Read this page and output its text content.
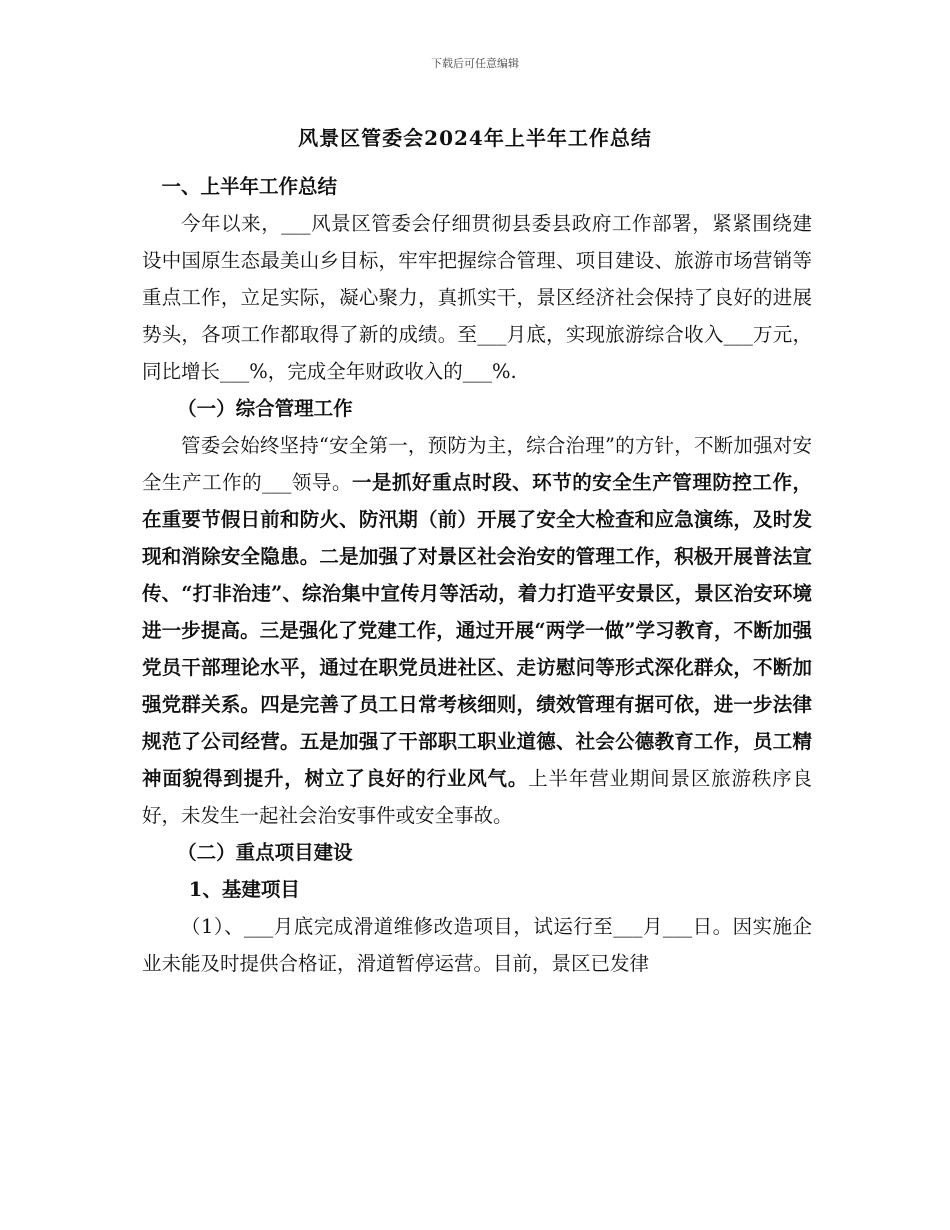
下载后可任意编辑
风景区管委会2024年上半年工作总结

一、上半年工作总结

今年以来，___风景区管委会仔细贯彻县委县政府工作部署，紧紧围绕建设中国原生态最美山乡目标，牢牢把握综合管理、项目建设、旅游市场营销等重点工作，立足实际，凝心聚力，真抓实干，景区经济社会保持了良好的进展势头，各项工作都取得了新的成绩。至___月底，实现旅游综合收入___万元，同比增长___%，完成全年财政收入的___%.

（一）综合管理工作

管委会始终坚持“安全第一，预防为主，综合治理”的方针，不断加强对安全生产工作的___领导。一是抓好重点时段、环节的安全生产管理防控工作，在重要节假日前和防火、防汛期（前）开展了安全大检查和应急演练，及时发现和消除安全隐患。二是加强了对景区社会治安的管理工作，积极开展普法宣传、“打非治违”、综治集中宣传月等活动，着力打造平安景区，景区治安环境进一步提高。三是强化了党建工作，通过开展“两学一做”学习教育，不断加强党员干部理论水平，通过在职党员进社区、走访慰问等形式深化群众，不断加强党群关系。四是完善了员工日常考核细则，绩效管理有据可依，进一步法律规范了公司经营。五是加强了干部职工职业道德、社会公德教育工作，员工精神面貌得到提升，树立了良好的行业风气。上半年营业期间景区旅游秩序良好，未发生一起社会治安事件或安全事故。

（二）重点项目建设

1、基建项目

（1）、___月底完成滑道维修改造项目，试运行至___月___日。因实施企业未能及时提供合格证，滑道暂停运营。目前，景区已发律
